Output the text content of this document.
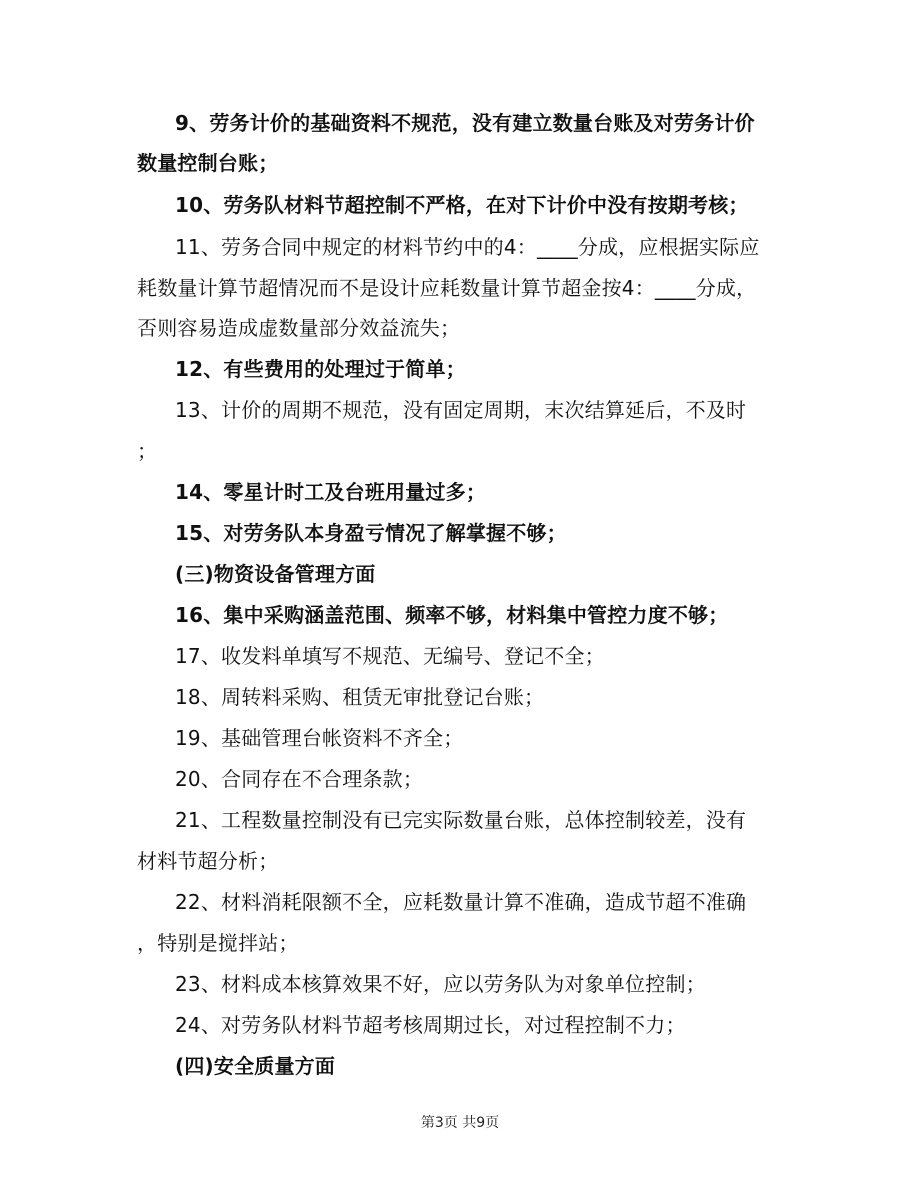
9、劳务计价的基础资料不规范，没有建立数量台账及对劳务计价
数量控制台账；
10、劳务队材料节超控制不严格，在对下计价中没有按期考核；
11、劳务合同中规定的材料节约中的4：____分成，应根据实际应
耗数量计算节超情况而不是设计应耗数量计算节超金按4：____分成，
否则容易造成虚数量部分效益流失；
12、有些费用的处理过于简单；
13、计价的周期不规范，没有固定周期，末次结算延后，不及时
；
14、零星计时工及台班用量过多；
15、对劳务队本身盈亏情况了解掌握不够；
(三)物资设备管理方面
16、集中采购涵盖范围、频率不够，材料集中管控力度不够；
17、收发料单填写不规范、无编号、登记不全；
18、周转料采购、租赁无审批登记台账；
19、基础管理台帐资料不齐全；
20、合同存在不合理条款；
21、工程数量控制没有已完实际数量台账，总体控制较差，没有
材料节超分析；
22、材料消耗限额不全，应耗数量计算不准确，造成节超不准确
，特别是搅拌站；
23、材料成本核算效果不好，应以劳务队为对象单位控制；
24、对劳务队材料节超考核周期过长，对过程控制不力；
(四)安全质量方面
第3页 共9页
